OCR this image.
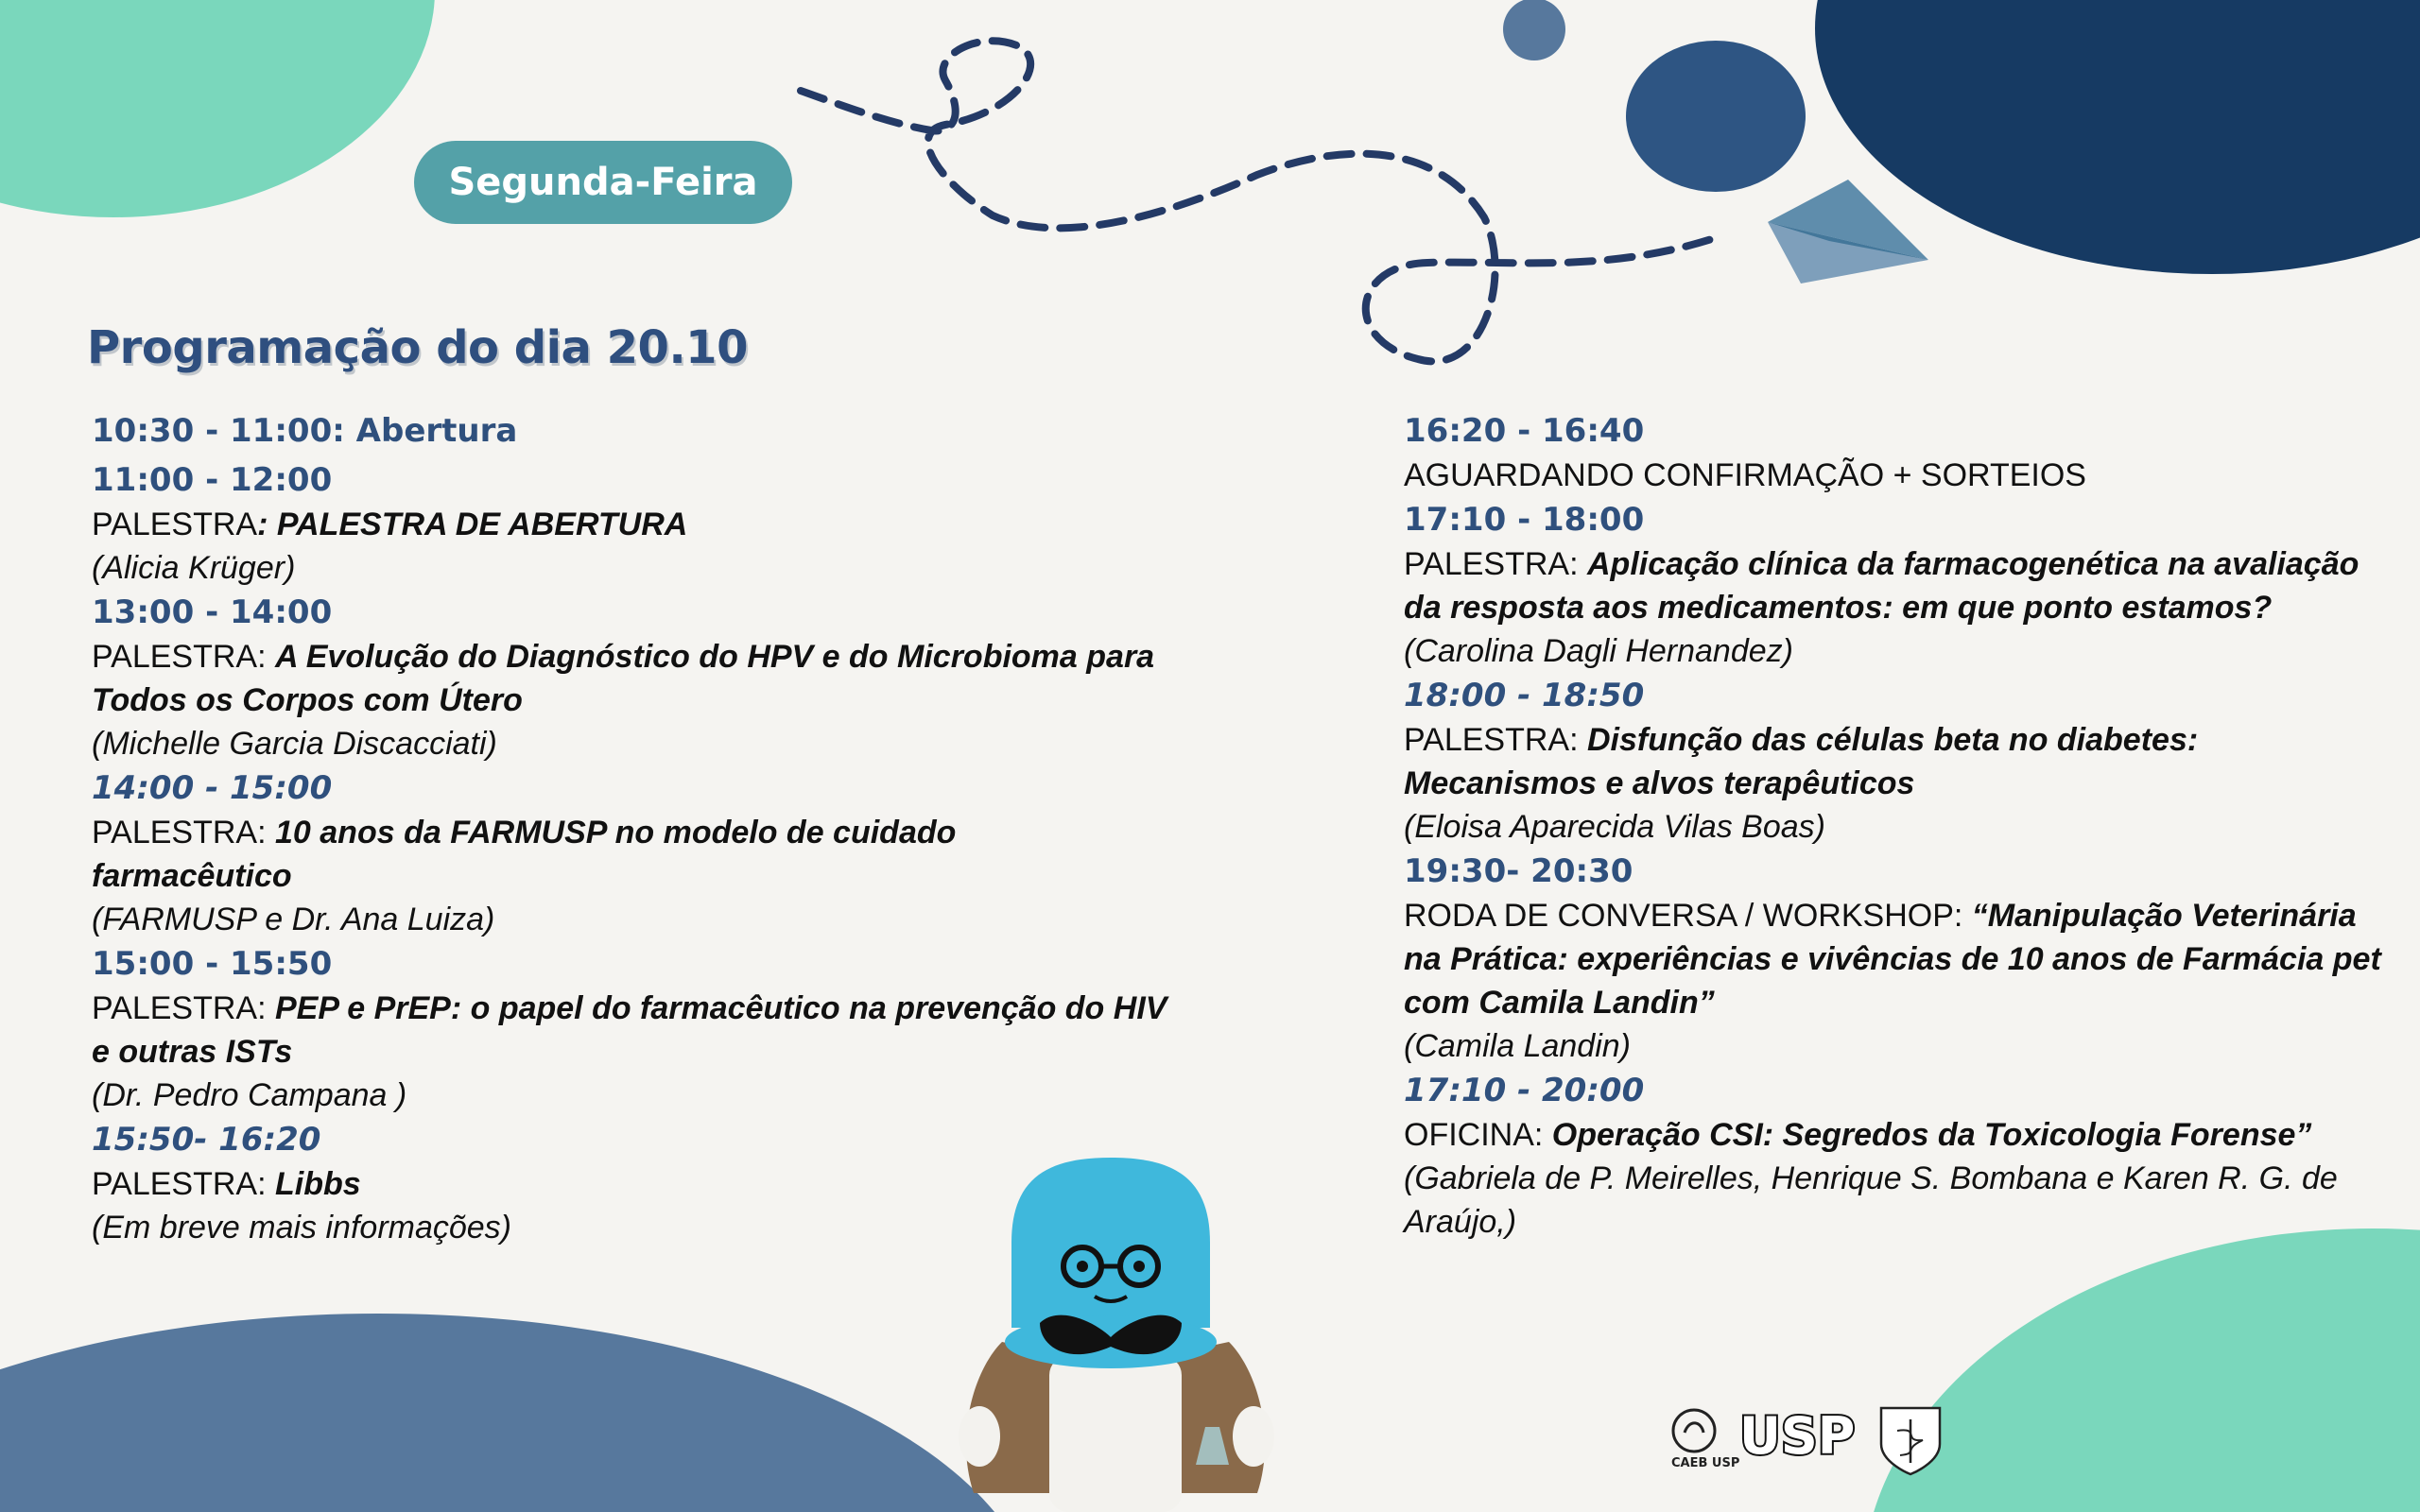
Segunda-Feira
Programação do dia 20.10
10:30 - 11:00: Abertura
11:00 - 12:00
PALESTRA: PALESTRA DE ABERTURA
(Alicia Krüger)
13:00 - 14:00
PALESTRA: A Evolução do Diagnóstico do HPV e do Microbioma para Todos os Corpos com Útero
(Michelle Garcia Discacciati)
14:00 - 15:00
PALESTRA: 10 anos da FARMUSP no modelo de cuidado farmacêutico
(FARMUSP e Dr. Ana Luiza)
15:00 - 15:50
PALESTRA: PEP e PrEP: o papel do farmacêutico na prevenção do HIV e outras ISTs
(Dr. Pedro Campana )
15:50- 16:20
PALESTRA: Libbs
(Em breve mais informações)
16:20 - 16:40
AGUARDANDO CONFIRMAÇÃO + SORTEIOS
17:10 - 18:00
PALESTRA: Aplicação clínica da farmacogenética na avaliação da resposta aos medicamentos: em que ponto estamos?
(Carolina Dagli Hernandez)
18:00 - 18:50
PALESTRA: Disfunção das células beta no diabetes: Mecanismos e alvos terapêuticos
(Eloisa Aparecida Vilas Boas)
19:30- 20:30
RODA DE CONVERSA / WORKSHOP: “Manipulação Veterinária na Prática: experiências e vivências de 10 anos de Farmácia pet com Camila Landin”
(Camila Landin)
17:10 - 20:00
OFICINA: Operação CSI: Segredos da Toxicologia Forense”
(Gabriela de P. Meirelles, Henrique S. Bombana e Karen R. G. de Araújo,)
CAEB USP USP
